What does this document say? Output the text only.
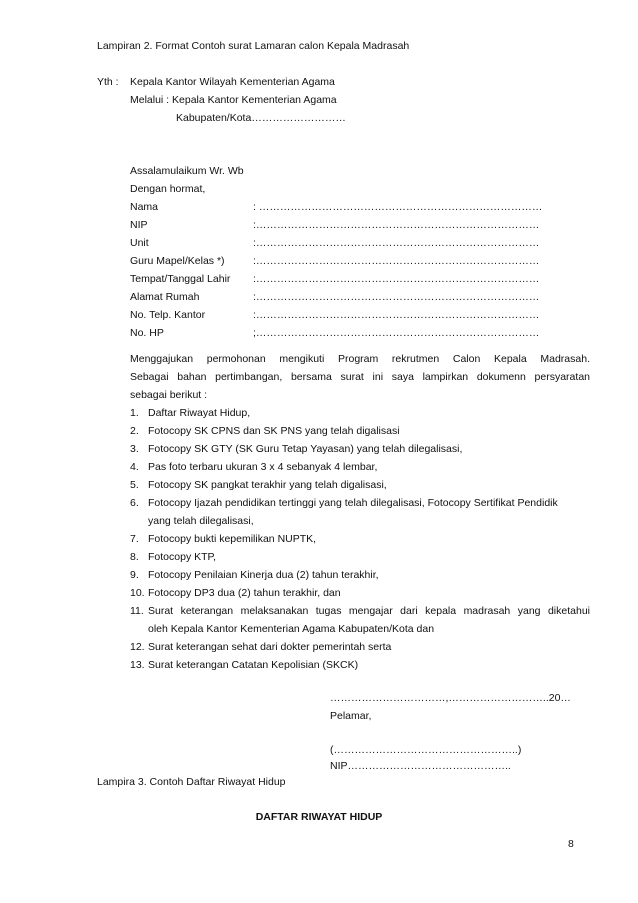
Lampiran 2. Format Contoh surat Lamaran calon Kepala Madrasah
Yth : Kepala Kantor Wilayah Kementerian Agama
Melalui : Kepala Kantor Kementerian Agama
Kabupaten/Kota………………………
Assalamulaikum Wr. Wb
Dengan hormat,
Nama	: ………………………………………………………………………
NIP	:………………………………………………………………………
Unit	:………………………………………………………………………
Guru Mapel/Kelas *)	:………………………………………………………………………
Tempat/Tanggal Lahir :………………………………………………………………………
Alamat Rumah	:………………………………………………………………………
No. Telp. Kantor	:………………………………………………………………………
No. HP	;………………………………………………………………………
Menggajukan permohonan mengikuti Program rekrutmen Calon Kepala Madrasah.
Sebagai bahan pertimbangan, bersama surat ini saya lampirkan dokumenn persyaratan
sebagai berikut :
1. Daftar Riwayat Hidup,
2. Fotocopy SK CPNS dan SK PNS yang telah digalisasi
3. Fotocopy SK GTY (SK Guru Tetap Yayasan) yang telah dilegalisasi,
4. Pas foto terbaru ukuran 3 x 4 sebanyak 4 lembar,
5. Fotocopy SK pangkat terakhir yang telah digalisasi,
6. Fotocopy Ijazah pendidikan tertinggi yang telah dilegalisasi, Fotocopy Sertifikat Pendidik
yang telah dilegalisasi,
7. Fotocopy bukti kepemilikan NUPTK,
8. Fotocopy KTP,
9. Fotocopy Penilaian Kinerja dua (2) tahun terakhir,
10. Fotocopy DP3 dua (2) tahun terakhir, dan
11. Surat keterangan melaksanakan tugas mengajar dari kepala madrasah yang diketahui
oleh Kepala Kantor Kementerian Agama Kabupaten/Kota dan
12. Surat keterangan sehat dari dokter pemerintah serta
13. Surat keterangan Catatan Kepolisian (SKCK)
……………………………,………………………..20…
Pelamar,
(……………………………………………..)
NIP………………………………………..
Lampira 3. Contoh Daftar Riwayat Hidup
DAFTAR RIWAYAT HIDUP
8
